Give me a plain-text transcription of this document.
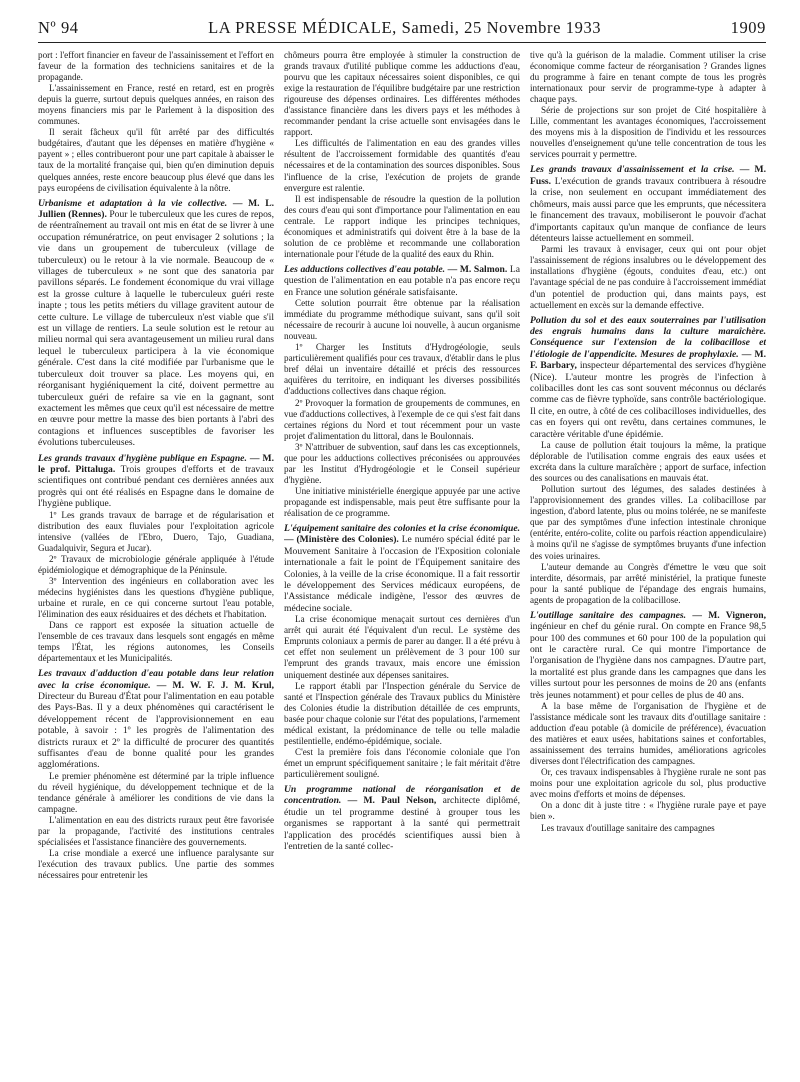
Nº 94	LA PRESSE MÉDICALE, Samedi, 25 Novembre 1933	1909

port : l'effort financier en faveur de l'assainissement et l'effort en faveur de la formation des techniciens sanitaires et de la propagande.

L'assainissement en France, resté en retard, est en progrès depuis la guerre, surtout depuis quelques années, en raison des moyens financiers mis par le Parlement à la disposition des communes.

Il serait fâcheux qu'il fût arrêté par des difficultés budgétaires, d'autant que les dépenses en matière d'hygiène « payent » ; elles contribueront pour une part capitale à abaisser le taux de la mortalité française qui, bien qu'en diminution depuis quelques années, reste encore beaucoup plus élevé que dans les pays européens de civilisation équivalente à la nôtre.

Urbanisme et adaptation à la vie collective. — M. L. Jullien (Rennes). Pour le tuberculeux que les cures de repos, de réentraînement au travail ont mis en état de se livrer à une occupation rémunératrice, on peut envisager 2 solutions ; la vie dans un groupement de tuberculeux (village de tuberculeux) ou le retour à la vie normale. Beaucoup de « villages de tuberculeux » ne sont que des sanatoria par pavillons séparés. Le fondement économique du vrai village est la grosse culture à laquelle le tuberculeux guéri reste inapte ; tous les petits métiers du village gravitent autour de cette culture. Le village de tuberculeux n'est viable que s'il est un village de rentiers. La seule solution est le retour au milieu normal qui sera avantageusement un milieu rural dans lequel le tuberculeux participera à la vie économique générale. C'est dans la cité modifiée par l'urbanisme que le tuberculeux doit trouver sa place. Les moyens qui, en réorganisant hygiéniquement la cité, doivent permettre au tuberculeux guéri de refaire sa vie en la gagnant, sont exactement les mêmes que ceux qu'il est nécessaire de mettre en œuvre pour mettre la masse des bien portants à l'abri des contagions et influences susceptibles de favoriser les évolutions tuberculeuses.
Les grands travaux d'hygiène publique en Espagne. — M. le prof. Pittaluga. Trois groupes d'efforts et de travaux scientifiques ont contribué pendant ces dernières années aux progrès qui ont été réalisés en Espagne dans le domaine de l'hygiène publique.

1º Les grands travaux de barrage et de régularisation et distribution des eaux fluviales pour l'exploitation agricole intensive (vallées de l'Ebro, Duero, Tajo, Guadiana, Guadalquivir, Segura et Jucar).

2º Travaux de microbiologie générale appliquée à l'étude épidémiologique et démographique de la Péninsule.

3º Intervention des ingénieurs en collaboration avec les médecins hygiénistes dans les questions d'hygiène publique, urbaine et rurale, en ce qui concerne surtout l'eau potable, l'élimination des eaux résiduaires et des déchets et l'habitation.

Dans ce rapport est exposée la situation actuelle de l'ensemble de ces travaux dans lesquels sont engagés en même temps l'État, les régions autonomes, les Conseils départementaux et les Municipalités.

Les travaux d'adduction d'eau potable dans leur relation avec la crise économique. — M. W. F. J. M. Krul, Directeur du Bureau d'État pour l'alimentation en eau potable des Pays-Bas. Il y a deux phénomènes qui caractérisent le développement récent de l'approvisionnement en eau potable, à savoir : 1º les progrès de l'alimentation des districts ruraux et 2º la difficulté de procurer des quantités suffisantes d'eau de bonne qualité pour les grandes agglomérations.

Le premier phénomène est déterminé par la triple influence du réveil hygiénique, du développement technique et de la tendance générale à améliorer les conditions de vie dans la campagne.

L'alimentation en eau des districts ruraux peut être favorisée par la propagande, l'activité des institutions centrales spécialisées et l'assistance financière des gouvernements.

La crise mondiale a exercé une influence paralysante sur l'exécution des travaux publics. Une partie des sommes nécessaires pour entretenir les

chômeurs pourra être employée à stimuler la construction de grands travaux d'utilité publique comme les adductions d'eau, pourvu que les capitaux nécessaires soient disponibles, ce qui exige la restauration de l'équilibre budgétaire par une restriction rigoureuse des dépenses ordinaires. Les différentes méthodes d'assistance financière dans les divers pays et les méthodes à recommander pendant la crise actuelle sont envisagées dans le rapport.

Les difficultés de l'alimentation en eau des grandes villes résultent de l'accroissement formidable des quantités d'eau nécessaires et de la contamination des sources disponibles. Sous l'influence de la crise, l'exécution de projets de grande envergure est ralentie.

Il est indispensable de résoudre la question de la pollution des cours d'eau qui sont d'importance pour l'alimentation en eau centrale. Le rapport indique les principes techniques, économiques et administratifs qui doivent être à la base de la solution de ce problème et recommande une collaboration internationale pour l'étude de la qualité des eaux du Rhin.

Les adductions collectives d'eau potable. — M. Salmon. La question de l'alimentation en eau potable n'a pas encore reçu en France une solution générale satisfaisante.

Cette solution pourrait être obtenue par la réalisation immédiate du programme méthodique suivant, sans qu'il soit nécessaire de recourir à aucune loi nouvelle, à aucun organisme nouveau.

1º Charger les Instituts d'Hydrogéologie, seuls particulièrement qualifiés pour ces travaux, d'établir dans le plus bref délai un inventaire détaillé et précis des ressources aquifères du territoire, en indiquant les diverses possibilités d'adductions collectives dans chaque région.

2º Provoquer la formation de groupements de communes, en vue d'adductions collectives, à l'exemple de ce qui s'est fait dans certaines régions du Nord et tout récemment pour un vaste projet d'alimentation du littoral, dans le Boulonnais.

3º N'attribuer de subvention, sauf dans les cas exceptionnels, que pour les adductions collectives préconisées ou approuvées par les Institut d'Hydrogéologie et le Conseil supérieur d'hygiène.

Une initiative ministérielle énergique appuyée par une active propagande est indispensable, mais peut être suffisante pour la réalisation de ce programme.

L'équipement sanitaire des colonies et la crise économique. — (Ministère des Colonies). Le numéro spécial édité par le Mouvement Sanitaire à l'occasion de l'Exposition coloniale internationale a fait le point de l'Équipement sanitaire des Colonies, à la veille de la crise économique. Il a fait ressortir le développement des Services médicaux européens, de l'Assistance médicale indigène, l'essor des œuvres de médecine sociale.

La crise économique menaçait surtout ces dernières d'un arrêt qui aurait été l'équivalent d'un recul. Le système des Emprunts coloniaux a permis de parer au danger. Il a été prévu à cet effet non seulement un prélèvement de 3 pour 100 sur l'emprunt des grands travaux, mais encore une émission uniquement destinée aux dépenses sanitaires.

Le rapport établi par l'Inspection générale du Service de santé et l'Inspection générale des Travaux publics du Ministère des Colonies étudie la distribution détaillée de ces emprunts, basée pour chaque colonie sur l'état des populations, l'armement médical existant, la prédominance de telle ou telle maladie pestilentielle, endémo-épidémique, sociale.

C'est la première fois dans l'économie coloniale que l'on émet un emprunt spécifiquement sanitaire ; le fait méritait d'être particulièrement souligné.

Un programme national de réorganisation et de concentration. — M. Paul Nelson, architecte diplômé, étudie un tel programme destiné à grouper tous les organismes se rapportant à la santé qui permettrait l'application des procédés scientifiques aussi bien à l'entretien de la santé collec-

tive qu'à la guérison de la maladie. Comment utiliser la crise économique comme facteur de réorganisation ? Grandes lignes du programme à faire en tenant compte de tous les progrès internationaux pour servir de programme-type à adapter à chaque pays.

Série de projections sur son projet de Cité hospitalière à Lille, commentant les avantages économiques, l'accroissement des moyens mis à la disposition de l'individu et les ressources nouvelles d'enseignement qu'une telle concentration de tous les services pourrait y permettre.

Les grands travaux d'assainissement et la crise. — M. Fuss. L'exécution de grands travaux contribuera à résoudre la crise, non seulement en occupant immédiatement des chômeurs, mais aussi parce que les emprunts, que nécessitera le financement des travaux, mobiliseront le pouvoir d'achat d'importants capitaux qu'un manque de confiance de leurs détenteurs laisse actuellement en sommeil.

Parmi les travaux à envisager, ceux qui ont pour objet l'assainissement de régions insalubres ou le développement des installations d'hygiène (égouts, conduites d'eau, etc.) ont l'avantage spécial de ne pas conduire à l'accroissement immédiat d'un potentiel de production qui, dans maints pays, est actuellement en excès sur la demande effective.

Pollution du sol et des eaux souterraines par l'utilisation des engrais humains dans la culture maraîchère. Conséquence sur l'extension de la colibacillose et l'étiologie de l'appendicite. Mesures de prophylaxie. — M. F. Barbary, inspecteur départemental des services d'hygiène (Nice). L'auteur montre les progrès de l'infection à colibacilles dont les cas sont souvent méconnus ou déclarés comme cas de fièvre typhoïde, sans contrôle bactériologique. Il cite, en outre, à côté de ces colibacilloses individuelles, des cas en foyers qui ont revêtu, dans certaines communes, le caractère véritable d'une épidémie.

La cause de pollution était toujours la même, la pratique déplorable de l'utilisation comme engrais des eaux usées et excréta dans la culture maraîchère ; apport de surface, infection des sources ou des canalisations en mauvais état.

Pollution surtout des légumes, des salades destinées à l'approvisionnement des grandes villes. La colibacillose par ingestion, d'abord latente, plus ou moins tolérée, ne se manifeste que par des symptômes d'une infection intestinale chronique (entérite, entéro-colite, colite ou parfois réaction appendiculaire) à moins qu'il ne s'agisse de symptômes bruyants d'une infection des voies urinaires.

L'auteur demande au Congrès d'émettre le vœu que soit interdite, désormais, par arrêté ministériel, la pratique funeste pour la santé publique de l'épandage des engrais humains, agents de propagation de la colibacillose.

L'outillage sanitaire des campagnes. — M. Vigneron, ingénieur en chef du génie rural. On compte en France 98,5 pour 100 des communes et 60 pour 100 de la population qui ont le caractère rural. Ce qui montre l'importance de l'organisation de l'hygiène dans nos campagnes. D'autre part, la mortalité est plus grande dans les campagnes que dans les villes surtout pour les personnes de moins de 20 ans (enfants très jeunes notamment) et pour celles de plus de 40 ans.

A la base même de l'organisation de l'hygiène et de l'assistance médicale sont les travaux dits d'outillage sanitaire : adduction d'eau potable (à domicile de préférence), évacuation des matières et eaux usées, habitations saines et confortables, assainissement des terrains humides, améliorations agricoles diverses dont l'électrification des campagnes.

Or, ces travaux indispensables à l'hygiène rurale ne sont pas moins pour une exploitation agricole du sol, plus productive avec moins d'efforts et moins de dépenses.

On a donc dit à juste titre : « l'hygiène rurale paye et paye bien ».

Les travaux d'outillage sanitaire des campagnes
